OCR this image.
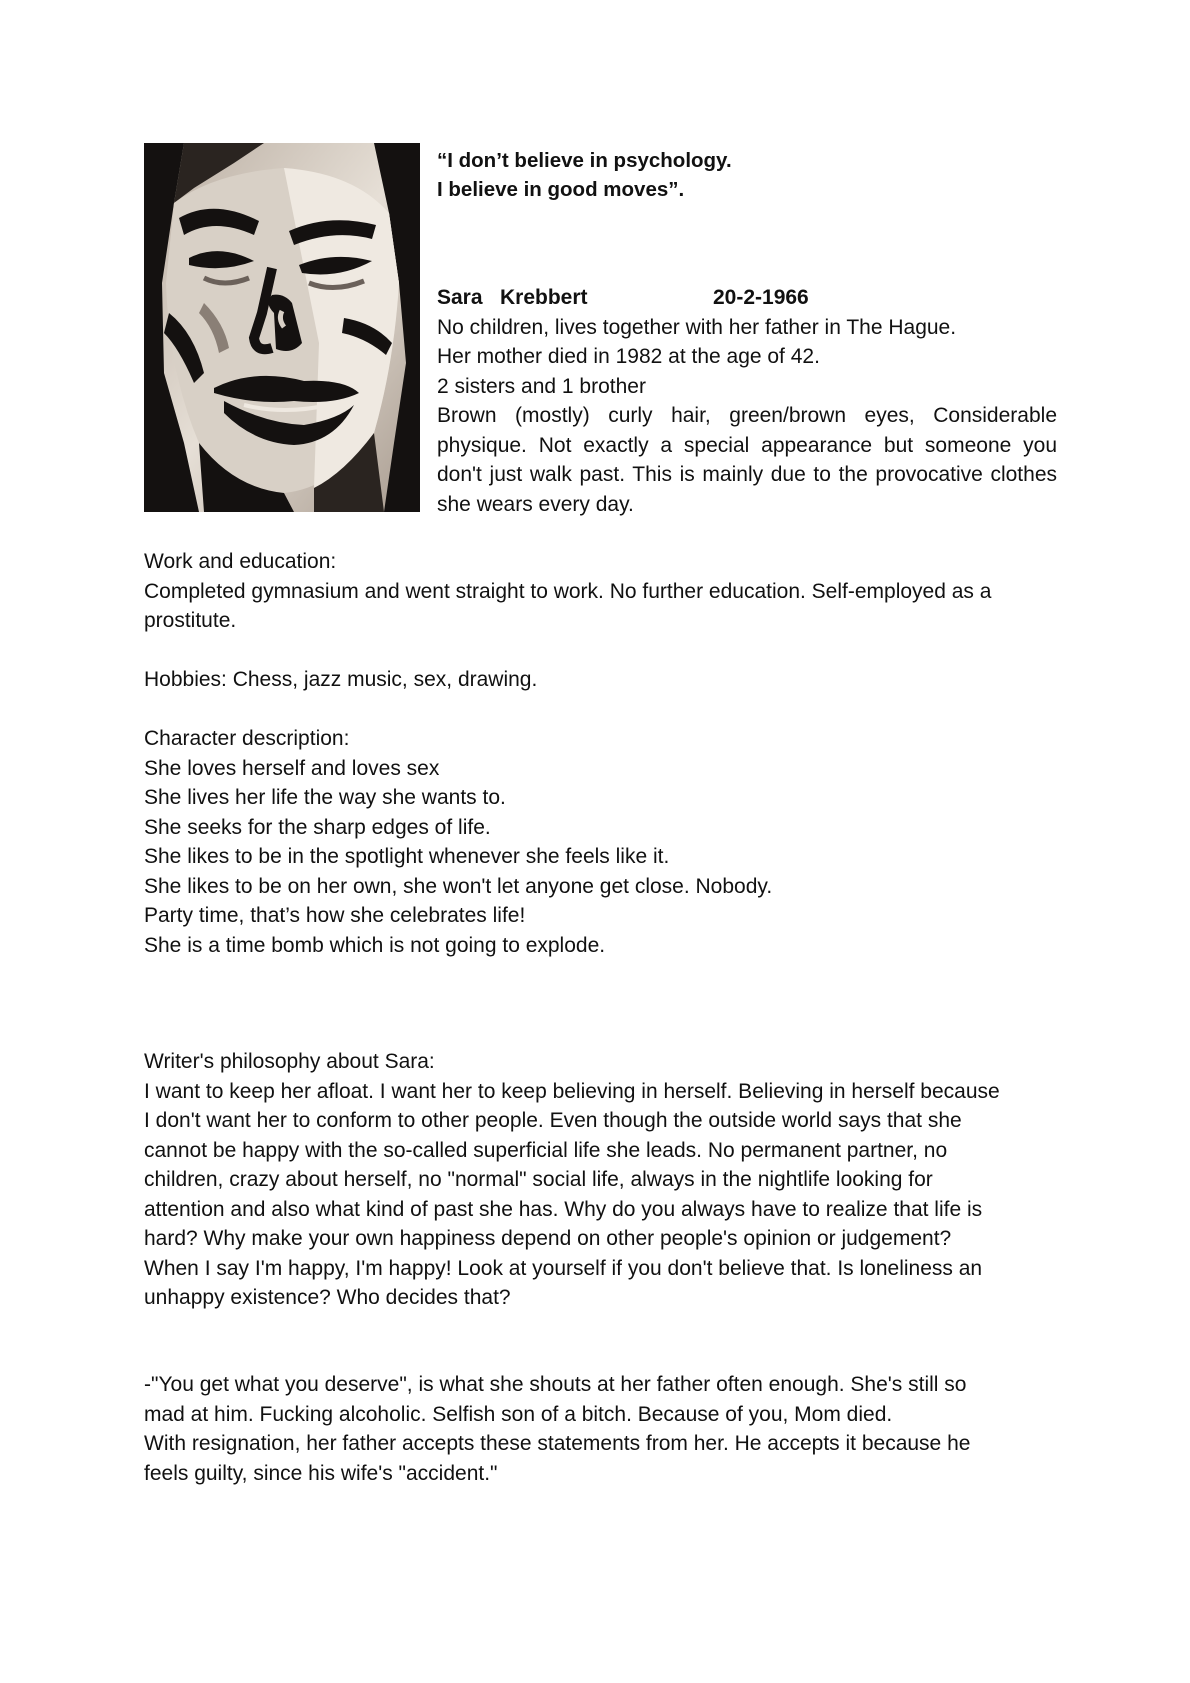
“I don’t believe in psychology.
I believe in good moves”.
Sara Krebbert	20-2-1966
No children, lives together with her father in The Hague.
Her mother died in 1982 at the age of 42.
2 sisters and 1 brother
Brown (mostly) curly hair, green/brown eyes, Considerable physique. Not exactly a special appearance but someone you don't just walk past. This is mainly due to the provocative clothes she wears every day.
Work and education:
Completed gymnasium and went straight to work. No further education. Self-employed as a prostitute.
Hobbies: Chess, jazz music, sex, drawing.
Character description:
She loves herself and loves sex
She lives her life the way she wants to.
She seeks for the sharp edges of life.
She likes to be in the spotlight whenever she feels like it.
She likes to be on her own, she won't let anyone get close. Nobody.
Party time, that’s how she celebrates life!
She is a time bomb which is not going to explode.
Writer's philosophy about Sara:
I want to keep her afloat. I want her to keep believing in herself. Believing in herself because
I don't want her to conform to other people. Even though the outside world says that she
cannot be happy with the so-called superficial life she leads. No permanent partner, no
children, crazy about herself, no "normal" social life, always in the nightlife looking for
attention and also what kind of past she has. Why do you always have to realize that life is
hard? Why make your own happiness depend on other people's opinion or judgement?
When I say I'm happy, I'm happy! Look at yourself if you don't believe that. Is loneliness an
unhappy existence? Who decides that?
-"You get what you deserve", is what she shouts at her father often enough. She's still so
mad at him. Fucking alcoholic. Selfish son of a bitch. Because of you, Mom died.
With resignation, her father accepts these statements from her. He accepts it because he
feels guilty, since his wife's "accident."
